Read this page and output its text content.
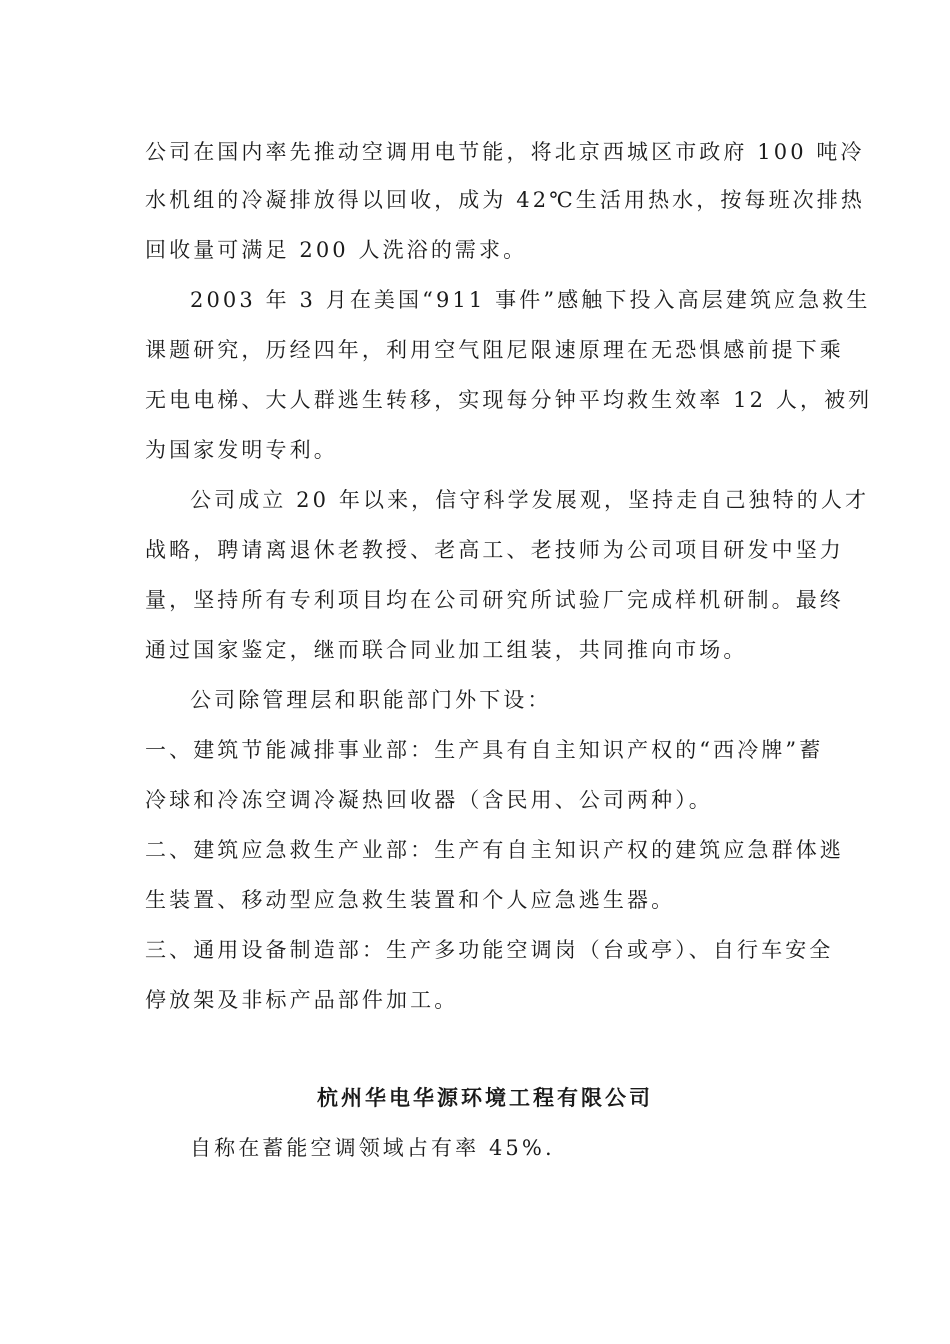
公司在国内率先推动空调用电节能，将北京西城区市政府 100 吨冷
水机组的冷凝排放得以回收，成为 42℃生活用热水，按每班次排热
回收量可满足 200 人洗浴的需求。
2003 年 3 月在美国“911 事件”感触下投入高层建筑应急救生
课题研究，历经四年，利用空气阻尼限速原理在无恐惧感前提下乘
无电电梯、大人群逃生转移，实现每分钟平均救生效率 12 人，被列
为国家发明专利。
公司成立 20 年以来，信守科学发展观，坚持走自己独特的人才
战略，聘请离退休老教授、老高工、老技师为公司项目研发中坚力
量，坚持所有专利项目均在公司研究所试验厂完成样机研制。最终
通过国家鉴定，继而联合同业加工组装，共同推向市场。
公司除管理层和职能部门外下设：
一、建筑节能减排事业部：生产具有自主知识产权的“西冷牌”蓄
冷球和冷冻空调冷凝热回收器（含民用、公司两种）。
二、建筑应急救生产业部：生产有自主知识产权的建筑应急群体逃
生装置、移动型应急救生装置和个人应急逃生器。
三、通用设备制造部：生产多功能空调岗（台或亭）、自行车安全
停放架及非标产品部件加工。
杭州华电华源环境工程有限公司
自称在蓄能空调领域占有率 45%.
